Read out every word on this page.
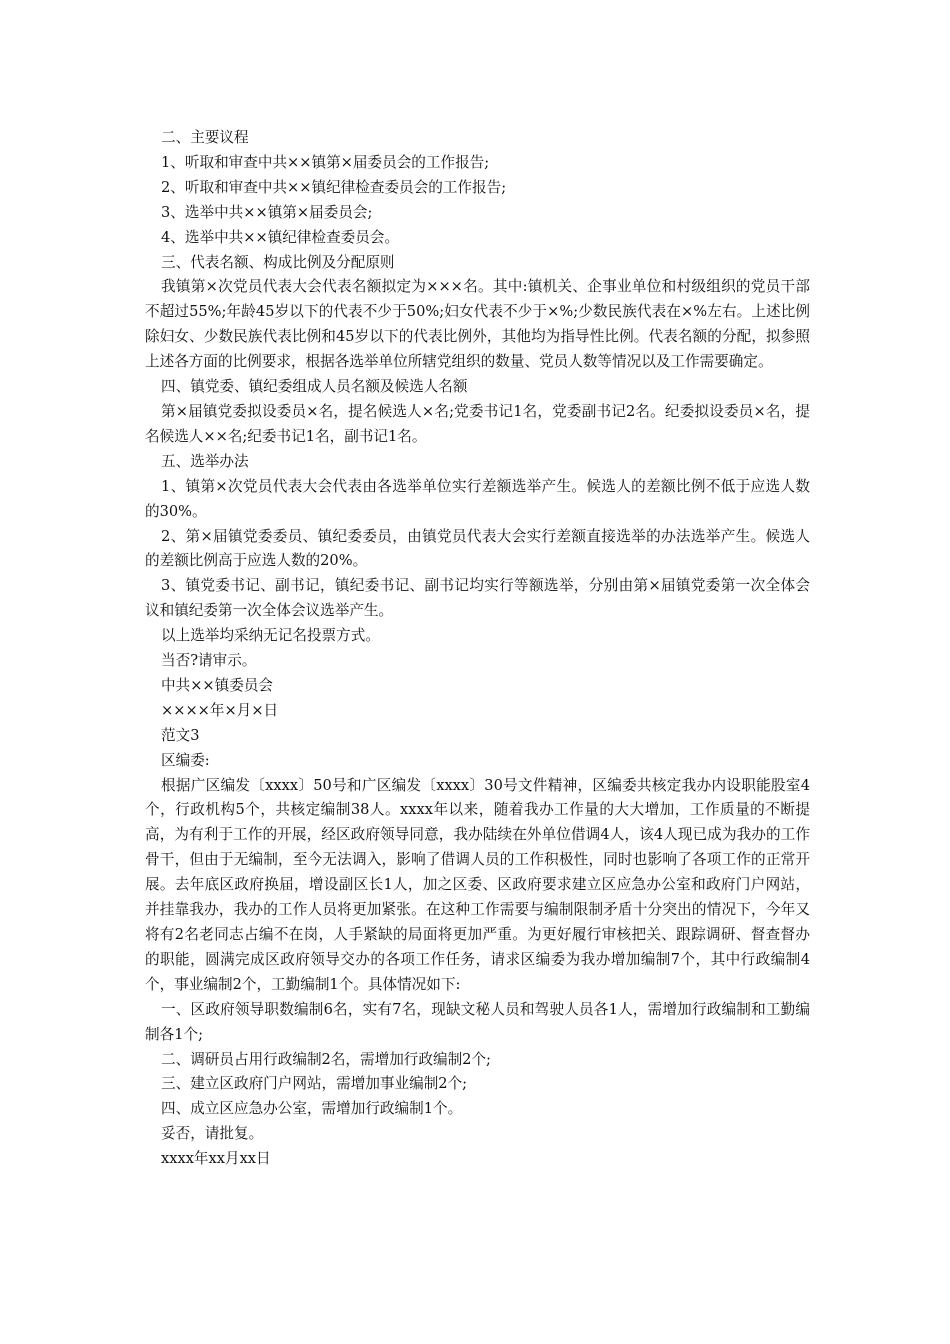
二、主要议程

1、听取和审查中共××镇第×届委员会的工作报告;

2、听取和审查中共××镇纪律检查委员会的工作报告;

3、选举中共××镇第×届委员会;

4、选举中共××镇纪律检查委员会。

三、代表名额、构成比例及分配原则

我镇第×次党员代表大会代表名额拟定为×××名。其中:镇机关、企事业单位和村级组织的党员干部不超过55%;年龄45岁以下的代表不少于50%;妇女代表不少于×%;少数民族代表在×%左右。上述比例除妇女、少数民族代表比例和45岁以下的代表比例外，其他均为指导性比例。代表名额的分配，拟参照上述各方面的比例要求，根据各选举单位所辖党组织的数量、党员人数等情况以及工作需要确定。

四、镇党委、镇纪委组成人员名额及候选人名额

第×届镇党委拟设委员×名，提名候选人×名;党委书记1名，党委副书记2名。纪委拟设委员×名，提名候选人××名;纪委书记1名，副书记1名。

五、选举办法

1、镇第×次党员代表大会代表由各选举单位实行差额选举产生。候选人的差额比例不低于应选人数的30%。

2、第×届镇党委委员、镇纪委委员，由镇党员代表大会实行差额直接选举的办法选举产生。候选人的差额比例高于应选人数的20%。

3、镇党委书记、副书记，镇纪委书记、副书记均实行等额选举，分别由第×届镇党委第一次全体会议和镇纪委第一次全体会议选举产生。

以上选举均采纳无记名投票方式。

当否?请审示。

中共××镇委员会

××××年×月×日

范文3

区编委:

根据广区编发〔xxxx〕50号和广区编发〔xxxx〕30号文件精神，区编委共核定我办内设职能股室4个，行政机构5个，共核定编制38人。xxxx年以来，随着我办工作量的大大增加，工作质量的不断提高，为有利于工作的开展，经区政府领导同意，我办陆续在外单位借调4人，该4人现已成为我办的工作骨干，但由于无编制，至今无法调入，影响了借调人员的工作积极性，同时也影响了各项工作的正常开展。去年底区政府换届，增设副区长1人，加之区委、区政府要求建立区应急办公室和政府门户网站，并挂靠我办，我办的工作人员将更加紧张。在这种工作需要与编制限制矛盾十分突出的情况下，今年又将有2名老同志占编不在岗，人手紧缺的局面将更加严重。为更好履行审核把关、跟踪调研、督查督办的职能，圆满完成区政府领导交办的各项工作任务，请求区编委为我办增加编制7个，其中行政编制4个，事业编制2个，工勤编制1个。具体情况如下:

一、区政府领导职数编制6名，实有7名，现缺文秘人员和驾驶人员各1人，需增加行政编制和工勤编制各1个;

二、调研员占用行政编制2名，需增加行政编制2个;

三、建立区政府门户网站，需增加事业编制2个;

四、成立区应急办公室，需增加行政编制1个。

妥否，请批复。

xxxx年xx月xx日
